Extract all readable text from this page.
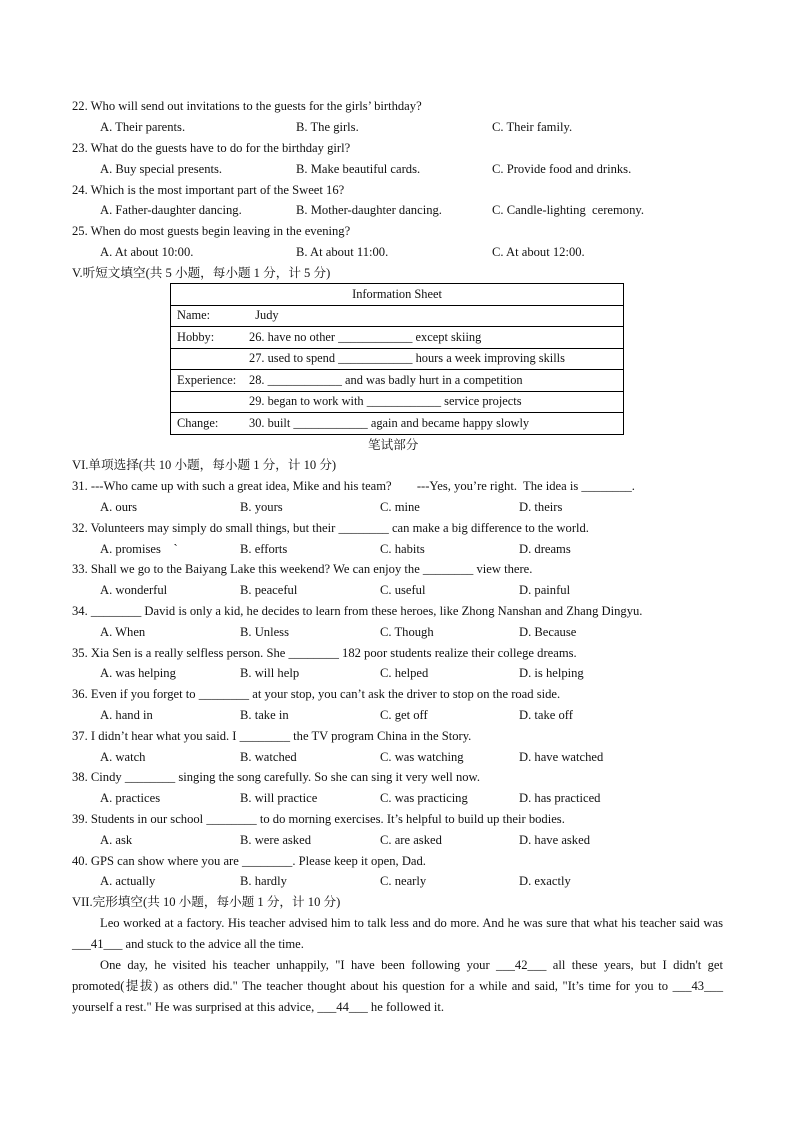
22. Who will send out invitations to the guests for the girls’ birthday?
A. Their parents.	B. The girls.	C. Their family.
23. What do the guests have to do for the birthday girl?
A. Buy special presents.	B. Make beautiful cards.	C. Provide food and drinks.
24. Which is the most important part of the Sweet 16?
A. Father-daughter dancing.	B. Mother-daughter dancing.	C. Candle-lighting  ceremony.
25. When do most guests begin leaving in the evening?
A. At about 10:00.	B. At about 11:00.	C. At about 12:00.
V.听短文填空(共 5 小题，每小题 1 分，计 5 分)
Information Sheet	
Name:	Judy
Hobby:	26. have no other ____________ except skiing
	27. used to spend ____________ hours a week improving skills
Experience:	28. ____________ and was badly hurt in a competition
	29. began to work with ____________ service projects
Change:	30. built ____________ again and became happy slowly
笔试部分
VI.单项选择(共 10 小题，每小题 1 分，计 10 分)
31. ---Who came up with such a great idea, Mike and his team?        ---Yes, you’re right.  The idea is ________.
A. ours	B. yours	C. mine	D. theirs
32. Volunteers may simply do small things, but their ________ can make a big difference to the world.
A. promises    `	B. efforts	C. habits	D. dreams
33. Shall we go to the Baiyang Lake this weekend? We can enjoy the ________ view there.
A. wonderful	B. peaceful	C. useful	D. painful
34. ________ David is only a kid, he decides to learn from these heroes, like Zhong Nanshan and Zhang Dingyu.
A. When	B. Unless	C. Though	D. Because
35. Xia Sen is a really selfless person. She ________ 182 poor students realize their college dreams.
A. was helping	B. will help	C. helped	D. is helping
36. Even if you forget to ________ at your stop, you can’t ask the driver to stop on the road side.
A. hand in	B. take in	C. get off	D. take off
37. I didn’t hear what you said. I ________ the TV program China in the Story.
A. watch	B. watched	C. was watching	D. have watched
38. Cindy ________ singing the song carefully. So she can sing it very well now.
A. practices	B. will practice	C. was practicing	D. has practiced
39. Students in our school ________ to do morning exercises. It’s helpful to build up their bodies.
A. ask	B. were asked	C. are asked	D. have asked
40. GPS can show where you are ________. Please keep it open, Dad.
A. actually	B. hardly	C. nearly	D. exactly
VII.完形填空(共 10 小题，每小题 1 分，计 10 分)
Leo worked at a factory. His teacher advised him to talk less and do more. And he was sure that what his teacher said was ___41___ and stuck to the advice all the time.
One day, he visited his teacher unhappily, "I have been following your ___42___ all these years, but I didn't get promoted(提拔) as others did." The teacher thought about his question for a while and said, "It’s time for you to ___43___ yourself a rest." He was surprised at this advice, ___44___ he followed it.
